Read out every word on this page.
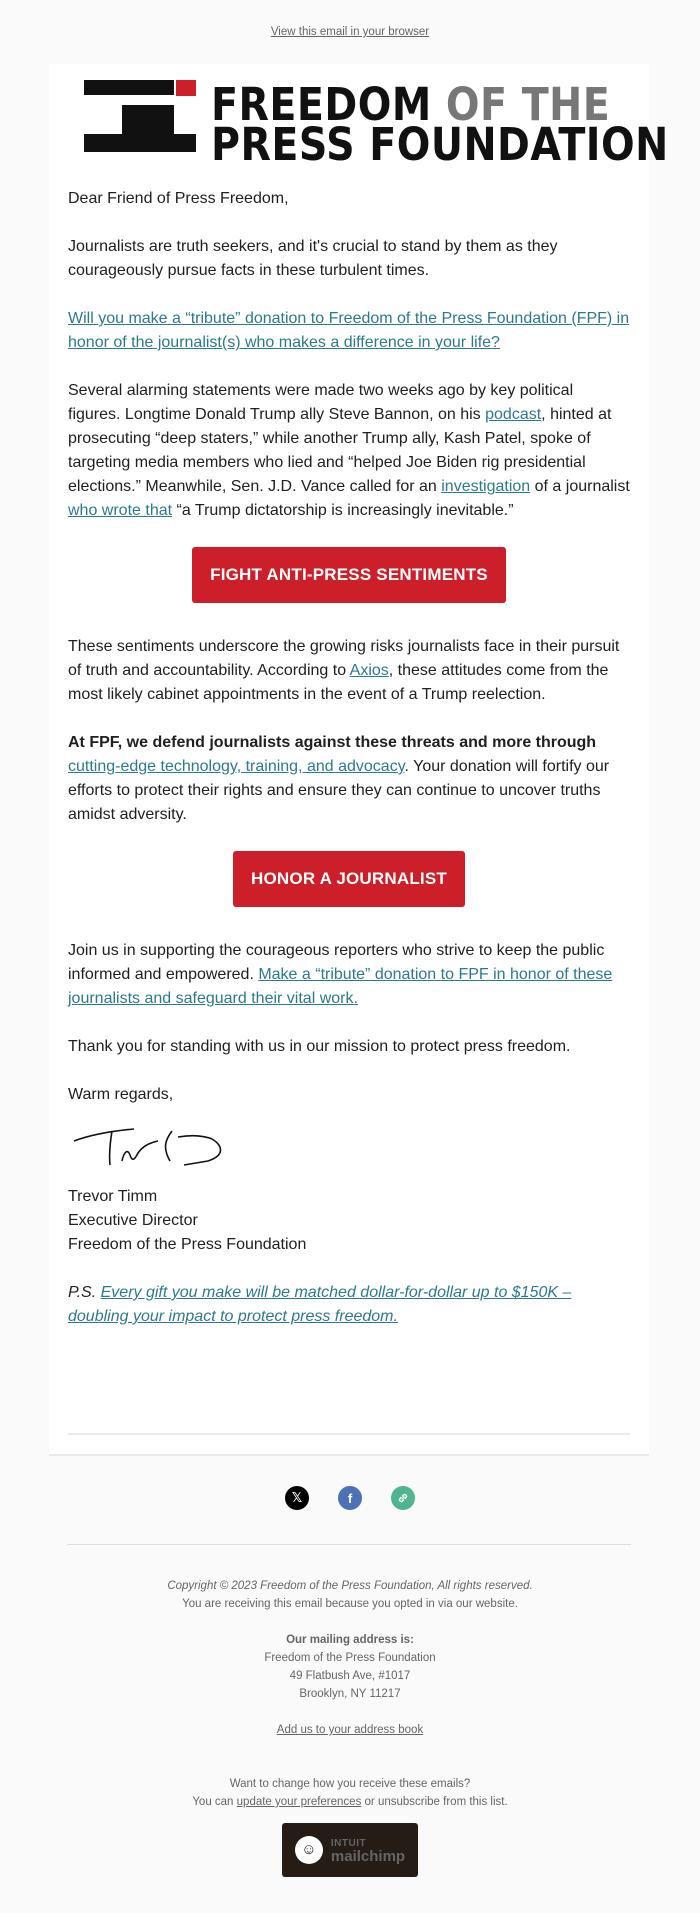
View this email in your browser
FREEDOM OF THE
PRESS FOUNDATION

Dear Friend of Press Freedom,

Journalists are truth seekers, and it's crucial to stand by them as they courageously pursue facts in these turbulent times.

Will you make a “tribute” donation to Freedom of the Press Foundation (FPF) in honor of the journalist(s) who makes a difference in your life?

Several alarming statements were made two weeks ago by key political figures. Longtime Donald Trump ally Steve Bannon, on his podcast, hinted at prosecuting “deep staters,” while another Trump ally, Kash Patel, spoke of targeting media members who lied and “helped Joe Biden rig presidential elections.” Meanwhile, Sen. J.D. Vance called for an investigation of a journalist who wrote that “a Trump dictatorship is increasingly inevitable.”

FIGHT ANTI-PRESS SENTIMENTS

These sentiments underscore the growing risks journalists face in their pursuit of truth and accountability. According to Axios, these attitudes come from the most likely cabinet appointments in the event of a Trump reelection.

At FPF, we defend journalists against these threats and more through cutting-edge technology, training, and advocacy. Your donation will fortify our efforts to protect their rights and ensure they can continue to uncover truths amidst adversity.

HONOR A JOURNALIST

Join us in supporting the courageous reporters who strive to keep the public informed and empowered. Make a “tribute” donation to FPF in honor of these journalists and safeguard their vital work.

Thank you for standing with us in our mission to protect press freedom.

Warm regards,

Trevor Timm

Executive Director

Freedom of the Press Foundation

P.S. Every gift you make will be matched dollar-for-dollar up to $150K – doubling your impact to protect press freedom.

𝕏	f
Copyright © 2023 Freedom of the Press Foundation, All rights reserved.
You are receiving this email because you opted in via our website.
Our mailing address is:
Freedom of the Press Foundation
49 Flatbush Ave, #1017
Brooklyn, NY 11217
Add us to your address book
Want to change how you receive these emails?
You can update your preferences or unsubscribe from this list.
☺	INTUIT
mailchimp
